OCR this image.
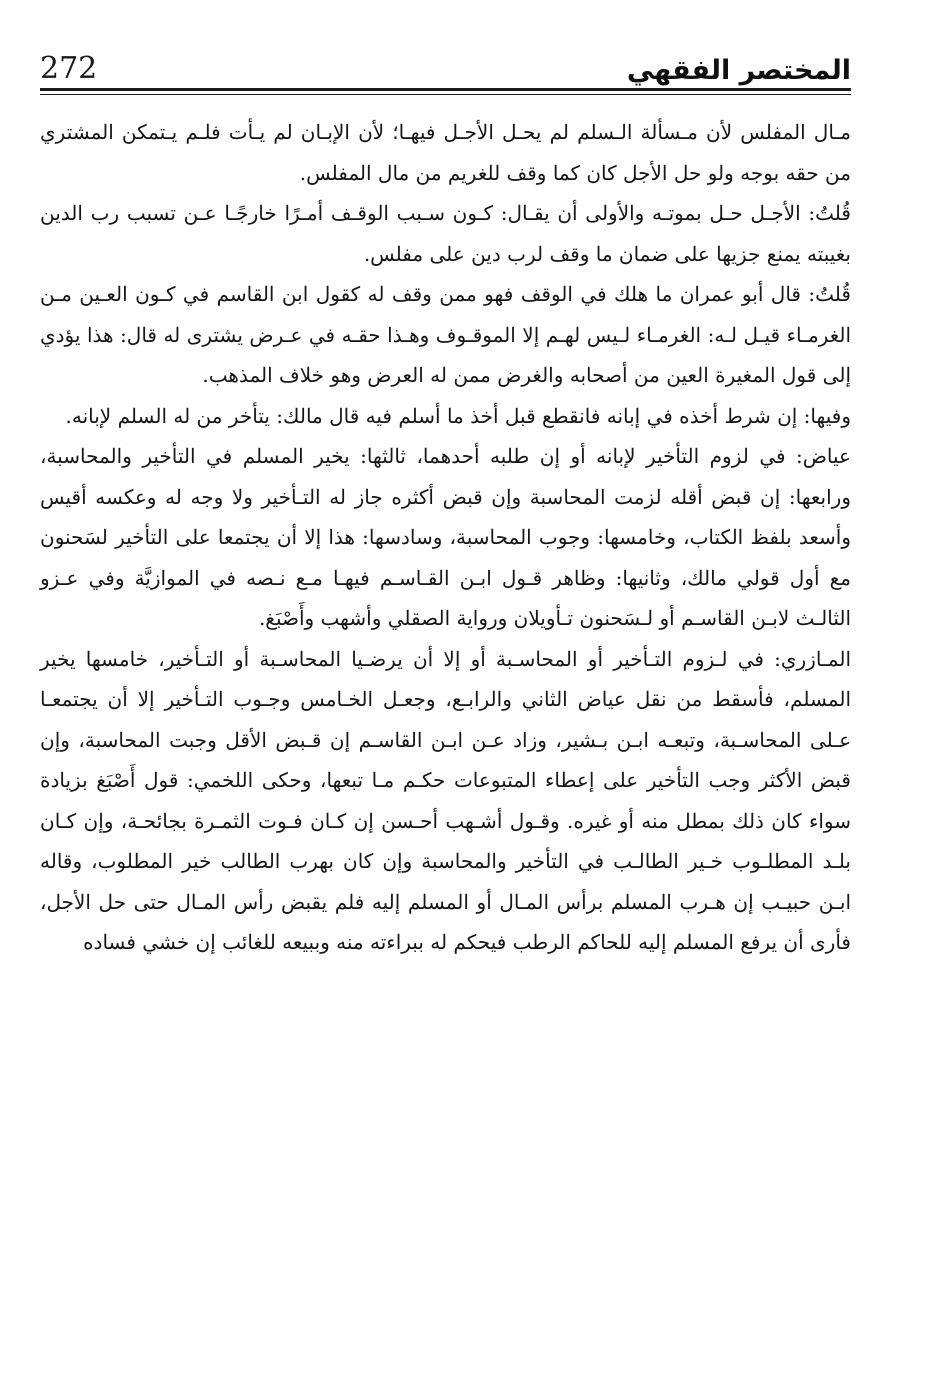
272	المختصر الفقهي

مـال المفلس لأن مـسألة الـسلم لم يحـل الأجـل فيهـا؛ لأن الإبـان لم يـأت فلـم يـتمكن المشتري من حقه بوجه ولو حل الأجل كان كما وقف للغريم من مال المفلس.

قُلتُ: الأجـل حـل بموتـه والأولى أن يقـال: كـون سـبب الوقـف أمـرًا خارجًـا عـن تسبب رب الدين بغيبته يمنع جزيها على ضمان ما وقف لرب دين على مفلس.

قُلتُ: قال أبو عمران ما هلك في الوقف فهو ممن وقف له كقول ابن القاسم في كـون العـين مـن الغرمـاء قيـل لـه: الغرمـاء لـيس لهـم إلا الموقـوف وهـذا حقـه في عـرض يشترى له قال: هذا يؤدي إلى قول المغيرة العين من أصحابه والغرض ممن له العرض وهو خلاف المذهب.

وفيها: إن شرط أخذه في إبانه فانقطع قبل أخذ ما أسلم فيه قال مالك: يتأخر من له السلم لإبانه.

عياض: في لزوم التأخير لإبانه أو إن طلبه أحدهما، ثالثها: يخير المسلم في التأخير والمحاسبة، ورابعها: إن قبض أقله لزمت المحاسبة وإن قبض أكثره جاز له التـأخير ولا وجه له وعكسه أقيس وأسعد بلفظ الكتاب، وخامسها: وجوب المحاسبة، وسادسها: هذا إلا أن يجتمعا على التأخير لسَحنون مع أول قولي مالك، وثانيها: وظاهر قـول ابـن القـاسـم فيهـا مـع نـصه في الموازيَّة وفي عـزو الثالـث لابـن القاسـم أو لـسَحنون تـأويلان ورواية الصقلي وأشهب وأَصْبَغ.

المـازري: في لـزوم التـأخير أو المحاسـبة أو إلا أن يرضـيا المحاسـبة أو التـأخير، خامسها يخير المسلم، فأسقط من نقل عياض الثاني والرابـع، وجعـل الخـامس وجـوب التـأخير إلا أن يجتمعـا عـلى المحاسـبة، وتبعـه ابـن بـشير، وزاد عـن ابـن القاسـم إن قـبض الأقل وجبت المحاسبة، وإن قبض الأكثر وجب التأخير على إعطاء المتبوعات حكـم مـا تبعها، وحكى اللخمي: قول أَصْبَغ بزيادة سواء كان ذلك بمطل منه أو غيره. وقـول أشـهب أحـسن إن كـان فـوت الثمـرة بجائحـة، وإن كـان بلـد المطلـوب خـير الطالـب في التأخير والمحاسبة وإن كان بهرب الطالب خير المطلوب، وقاله ابـن حبيـب إن هـرب المسلم برأس المـال أو المسلم إليه فلم يقبض رأس المـال حتى حل الأجل، فأرى أن يرفع المسلم إليه للحاكم الرطب فيحكم له ببراءته منه وببيعه للغائب إن خشي فساده
